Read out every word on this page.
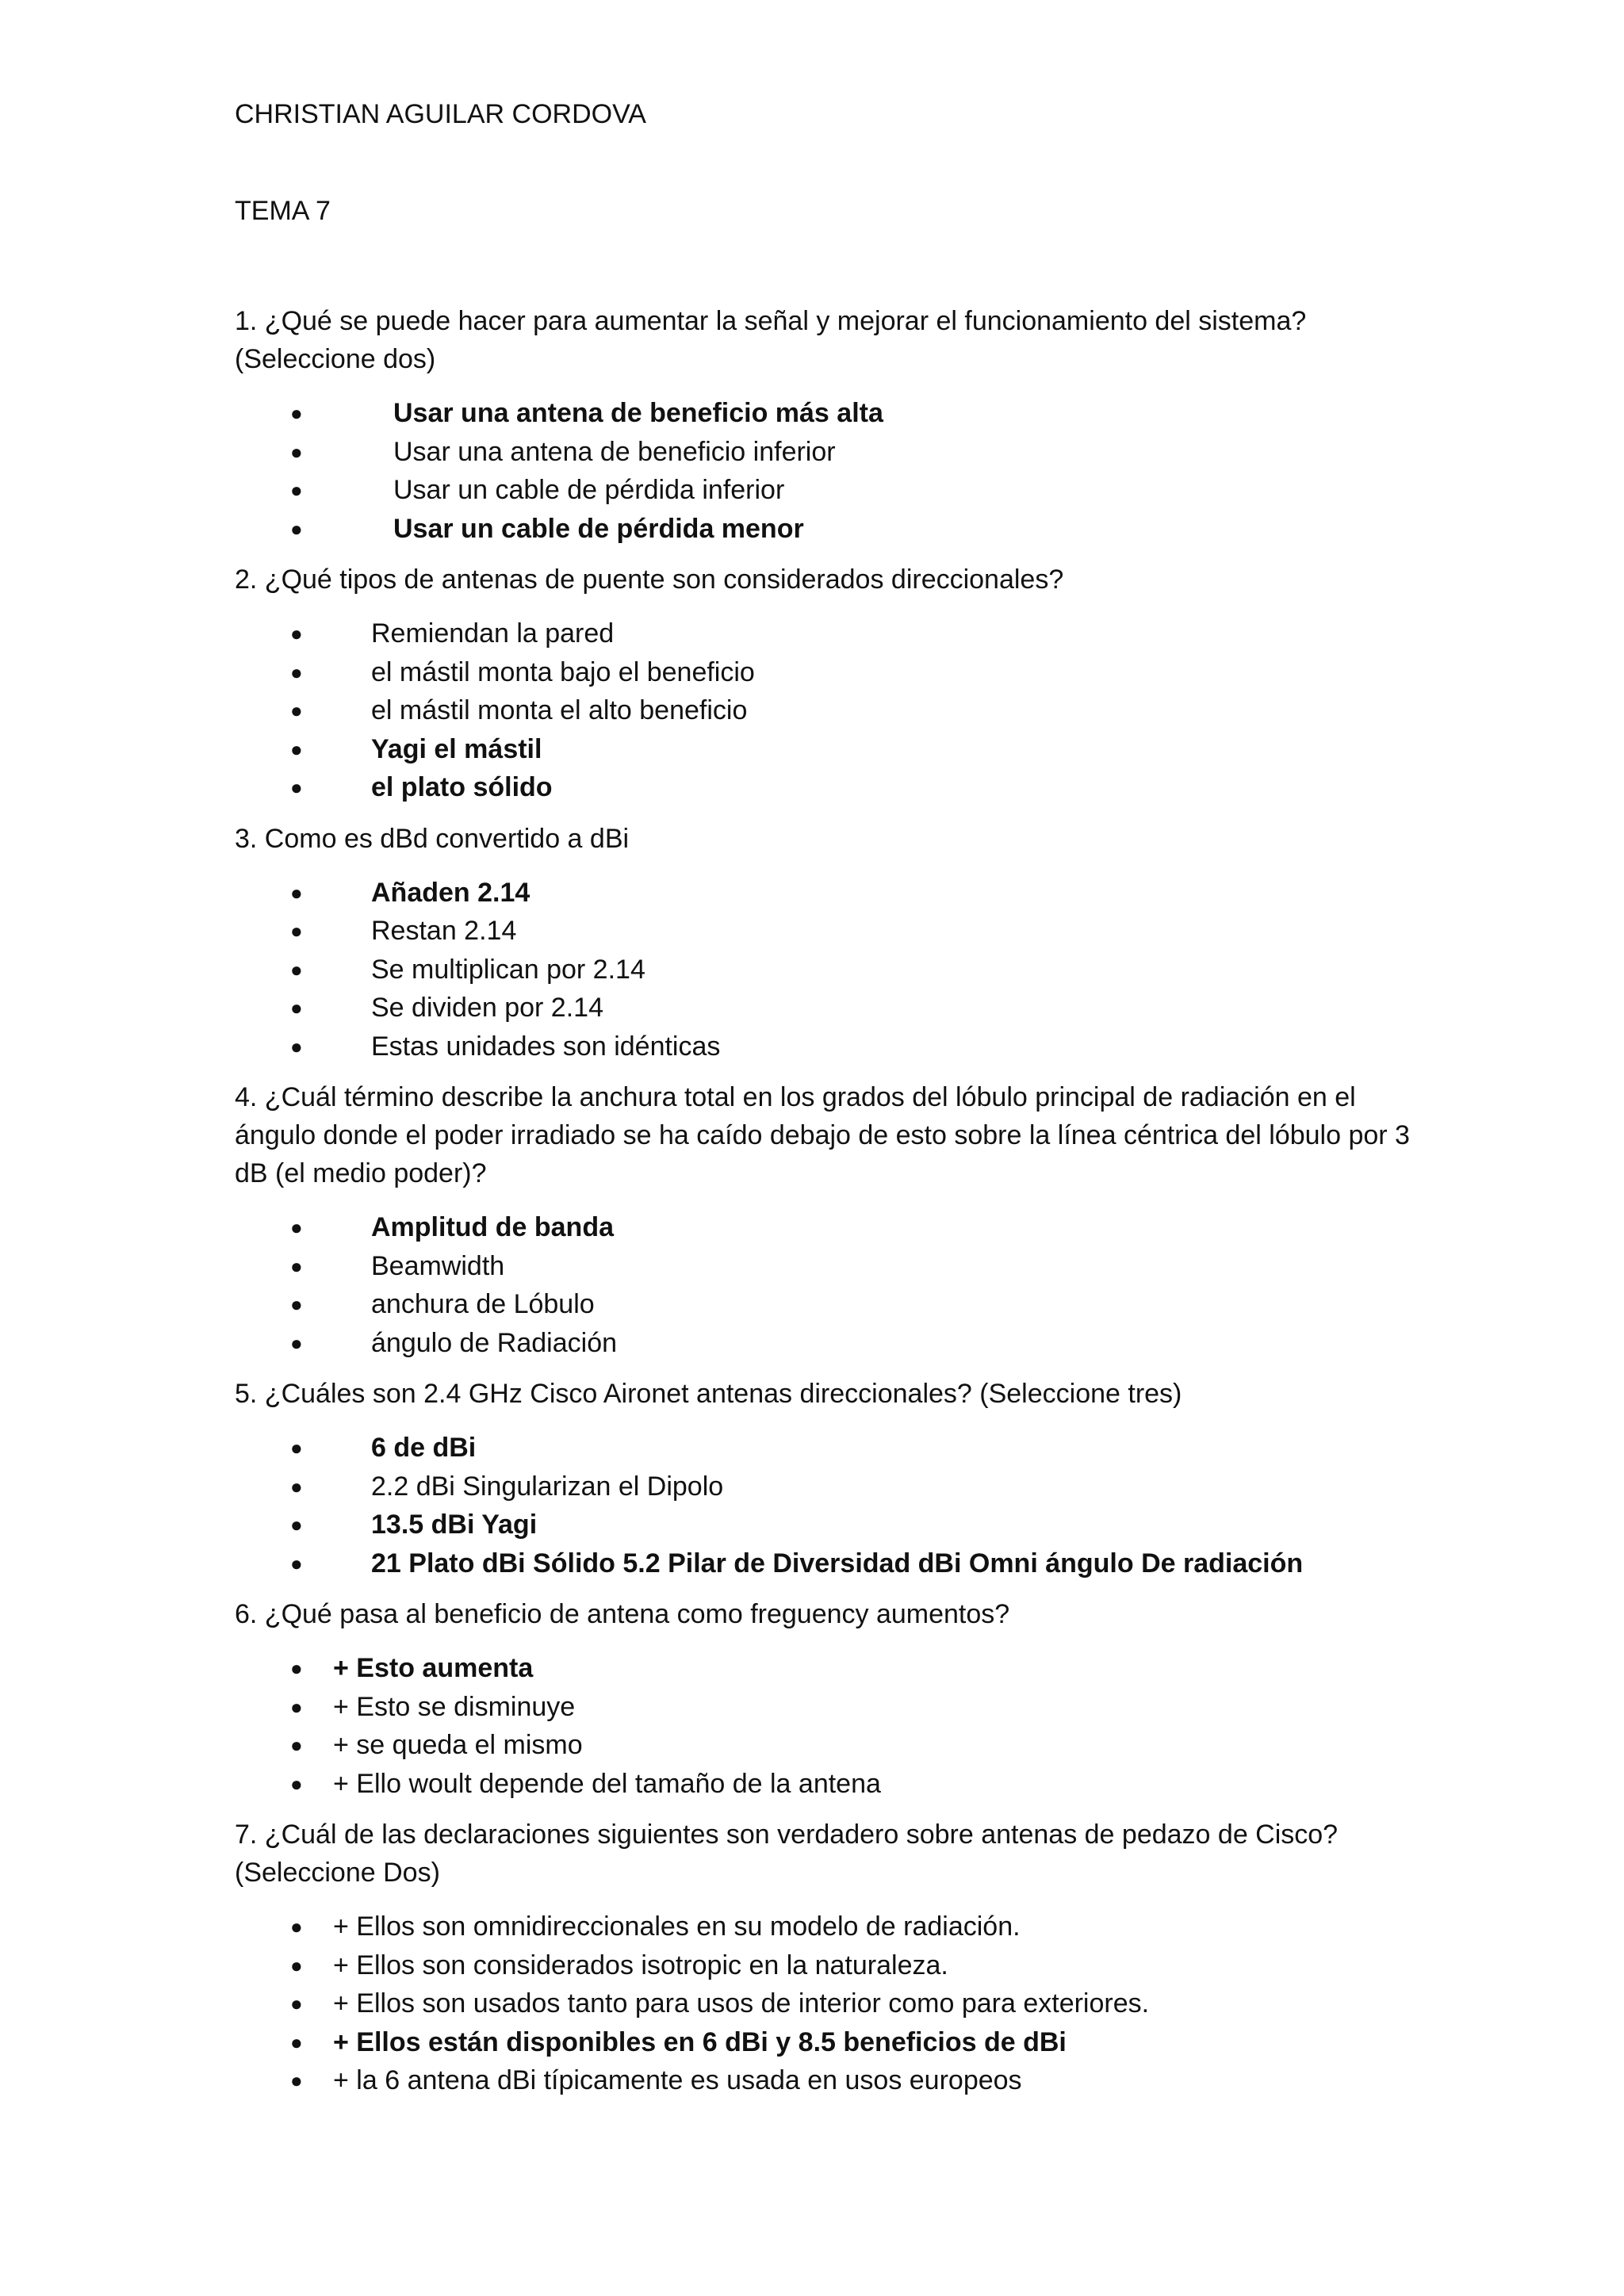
CHRISTIAN AGUILAR CORDOVA
TEMA 7

1. ¿Qué se puede hacer para aumentar la señal y mejorar el funcionamiento del sistema? (Seleccione dos)

●	Usar una antena de beneficio más alta
●	Usar una antena de beneficio inferior
●	Usar un cable de pérdida inferior
●	Usar un cable de pérdida menor

2. ¿Qué tipos de antenas de puente son considerados direccionales?

●	Remiendan la pared
●	el mástil monta bajo el beneficio
●	el mástil monta el alto beneficio
●	Yagi el mástil
●	el plato sólido

3. Como es dBd convertido a dBi

●	Añaden 2.14
●	Restan 2.14
●	Se multiplican por 2.14
●	Se dividen por 2.14
●	Estas unidades son idénticas

4. ¿Cuál término describe la anchura total en los grados del lóbulo principal de radiación en el ángulo donde el poder irradiado se ha caído debajo de esto sobre la línea céntrica del lóbulo por 3 dB (el medio poder)?

●	Amplitud de banda
●	Beamwidth
●	anchura de Lóbulo
●	ángulo de Radiación

5. ¿Cuáles son 2.4 GHz Cisco Aironet antenas direccionales? (Seleccione tres)

●	6 de dBi
●	2.2 dBi Singularizan el Dipolo
●	13.5 dBi Yagi
●	21 Plato dBi Sólido 5.2 Pilar de Diversidad dBi Omni ángulo De radiación

6. ¿Qué pasa al beneficio de antena como freguency aumentos?

● + Esto aumenta
● + Esto se disminuye
● + se queda el mismo
● + Ello woult depende del tamaño de la antena

7. ¿Cuál de las declaraciones siguientes son verdadero sobre antenas de pedazo de Cisco? (Seleccione Dos)

● + Ellos son omnidireccionales en su modelo de radiación.
● + Ellos son considerados isotropic en la naturaleza.
● + Ellos son usados tanto para usos de interior como para exteriores.
● + Ellos están disponibles en 6 dBi y 8.5 beneficios de dBi
● + la 6 antena dBi típicamente es usada en usos europeos
